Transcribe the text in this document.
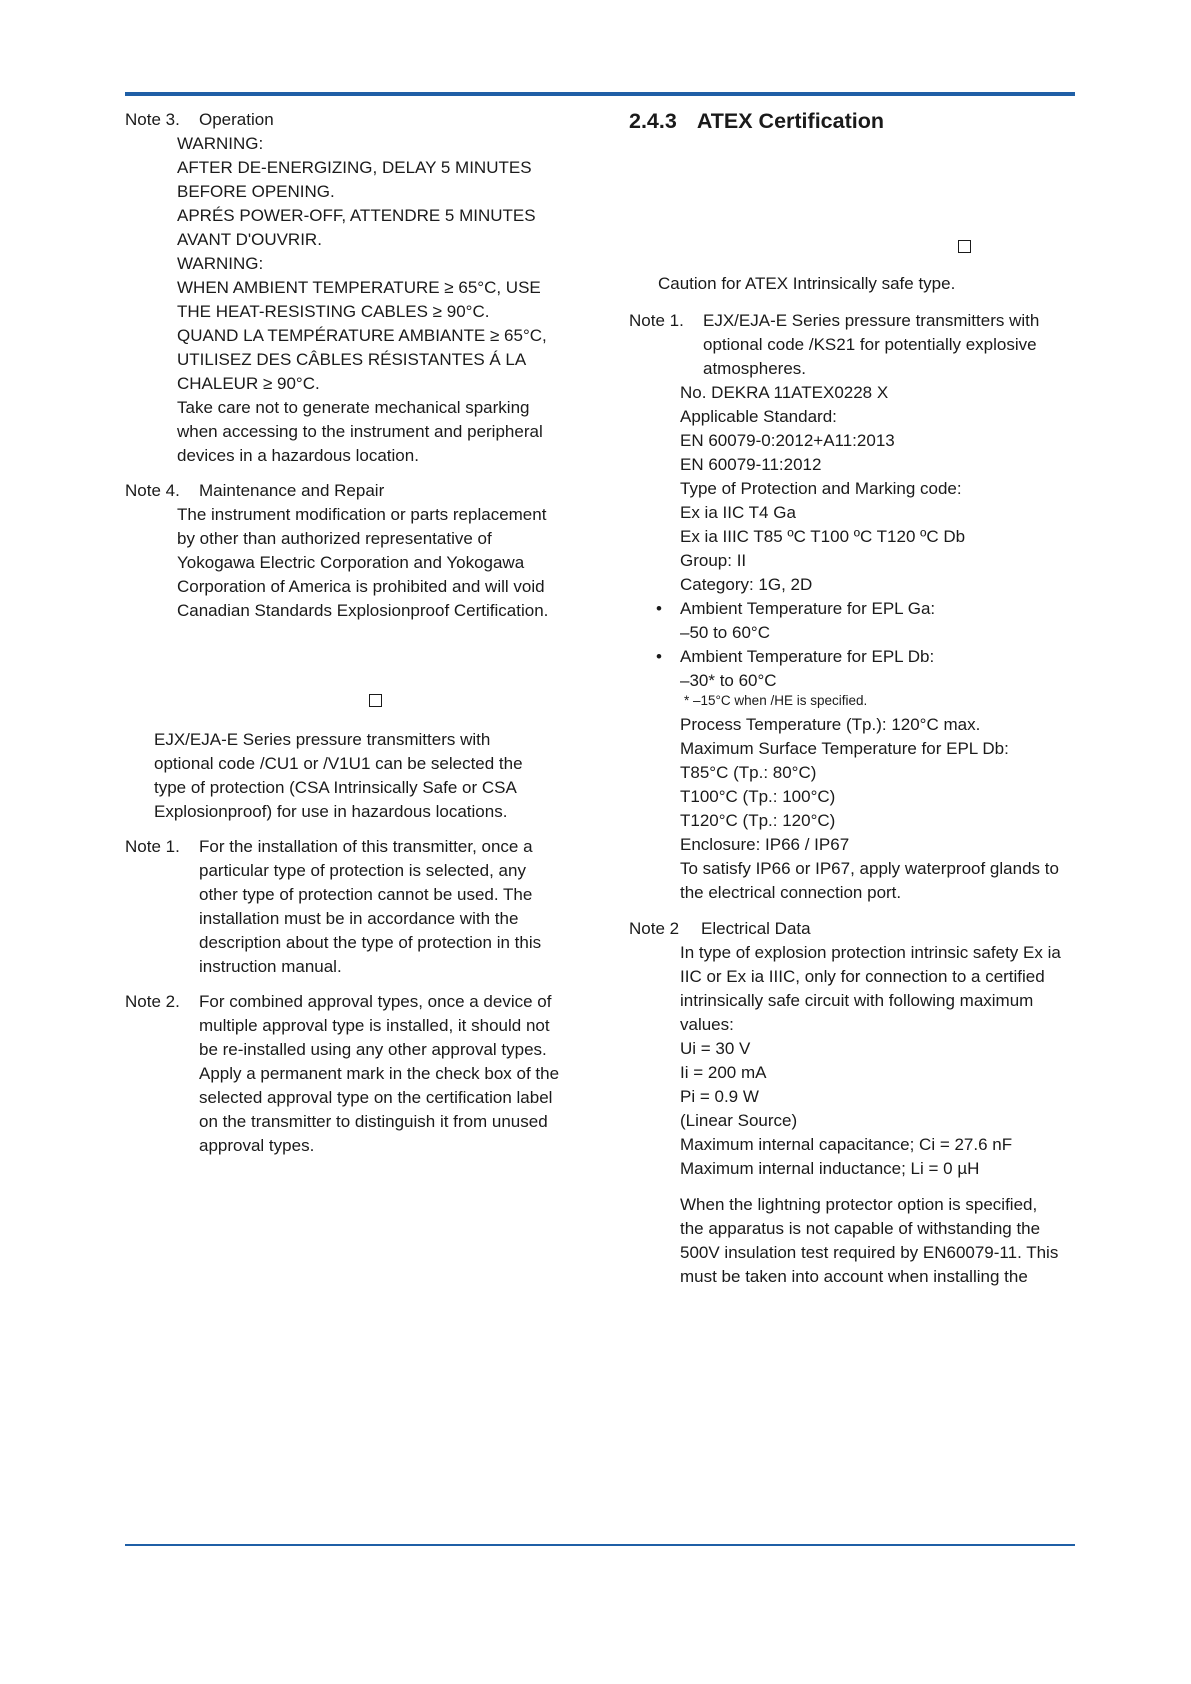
Note 3. Operation
WARNING:
AFTER DE-ENERGIZING, DELAY 5 MINUTES
BEFORE OPENING.
APRÉS POWER-OFF, ATTENDRE 5 MINUTES
AVANT D'OUVRIR.
WARNING:
WHEN AMBIENT TEMPERATURE ≥ 65°C, USE
THE HEAT-RESISTING CABLES ≥ 90°C.
QUAND LA TEMPÉRATURE AMBIANTE ≥ 65°C,
UTILISEZ DES CÂBLES RÉSISTANTES Á LA
CHALEUR ≥ 90°C.
Take care not to generate mechanical sparking
when accessing to the instrument and peripheral
devices in a hazardous location.
Note 4. Maintenance and Repair
The instrument modification or parts replacement
by other than authorized representative of
Yokogawa Electric Corporation and Yokogawa
Corporation of America is prohibited and will void
Canadian Standards Explosionproof Certification.
EJX/EJA-E Series pressure transmitters with
optional code /CU1 or /V1U1 can be selected the
type of protection (CSA Intrinsically Safe or CSA
Explosionproof) for use in hazardous locations.
Note 1. For the installation of this transmitter, once a
particular type of protection is selected, any
other type of protection cannot be used. The
installation must be in accordance with the
description about the type of protection in this
instruction manual.
Note 2. For combined approval types, once a device of
multiple approval type is installed, it should not
be re-installed using any other approval types.
Apply a permanent mark in the check box of the
selected approval type on the certification label
on the transmitter to distinguish it from unused
approval types.
2.4.3 ATEX Certification
Caution for ATEX Intrinsically safe type.
Note 1. EJX/EJA-E Series pressure transmitters with
optional code /KS21 for potentially explosive
atmospheres.
No. DEKRA 11ATEX0228 X
Applicable Standard:
EN 60079-0:2012+A11:2013
EN 60079-11:2012
Type of Protection and Marking code:
Ex ia IIC T4 Ga
Ex ia IIIC T85 ºC T100 ºC T120 ºC Db
Group: II
Category: 1G, 2D
• Ambient Temperature for EPL Ga:
–50 to 60°C
• Ambient Temperature for EPL Db:
–30* to 60°C
* –15°C when /HE is specified.
Process Temperature (Tp.): 120°C max.
Maximum Surface Temperature for EPL Db:
T85°C (Tp.: 80°C)
T100°C (Tp.: 100°C)
T120°C (Tp.: 120°C)
Enclosure: IP66 / IP67
To satisfy IP66 or IP67, apply waterproof glands to
the electrical connection port.
Note 2 Electrical Data
In type of explosion protection intrinsic safety Ex ia
IIC or Ex ia IIIC, only for connection to a certified
intrinsically safe circuit with following maximum
values:
Ui = 30 V
Ii = 200 mA
Pi = 0.9 W
(Linear Source)
Maximum internal capacitance; Ci = 27.6 nF
Maximum internal inductance; Li = 0 µH
When the lightning protector option is specified,
the apparatus is not capable of withstanding the
500V insulation test required by EN60079-11. This
must be taken into account when installing the
